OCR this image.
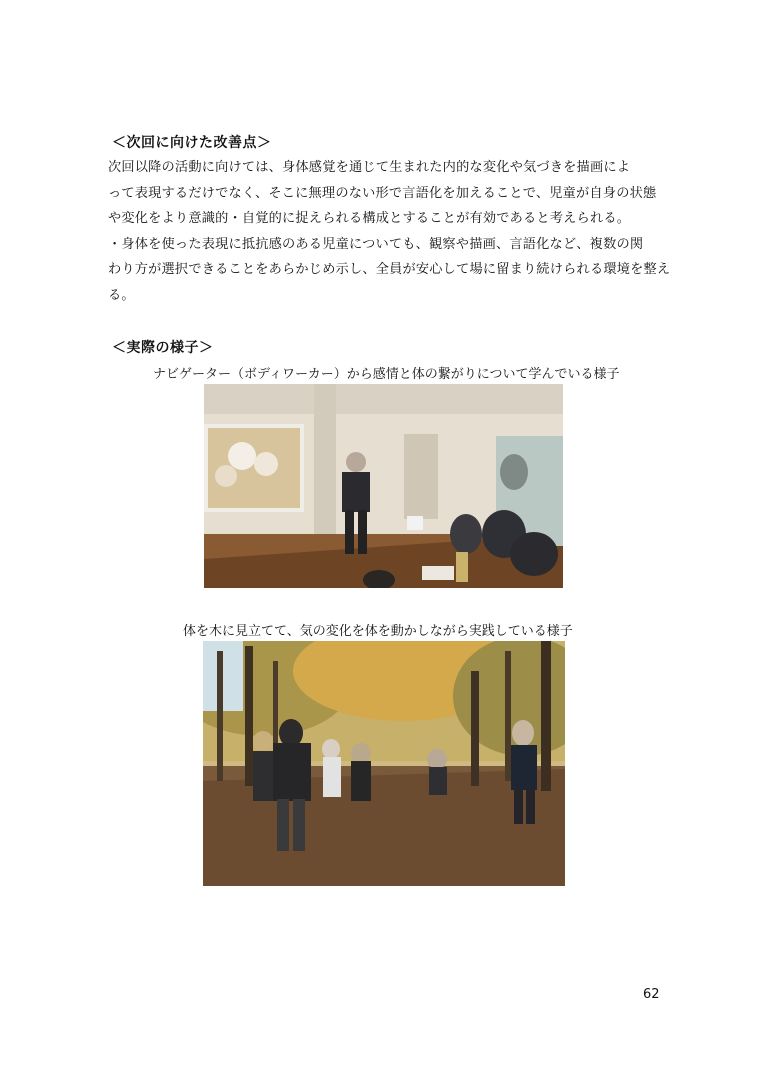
＜次回に向けた改善点＞

次回以降の活動に向けては、身体感覚を通じて生まれた内的な変化や気づきを描画によ

って表現するだけでなく、そこに無理のない形で言語化を加えることで、児童が自身の状態

や変化をより意識的・自覚的に捉えられる構成とすることが有効であると考えられる。

・身体を使った表現に抵抗感のある児童についても、観察や描画、言語化など、複数の関

わり方が選択できることをあらかじめ示し、全員が安心して場に留まり続けられる環境を整え

る。

＜実際の様子＞
ナビゲーター（ボディワーカー）から感情と体の繋がりについて学んでいる様子
体を木に見立てて、気の変化を体を動かしながら実践している様子
62
